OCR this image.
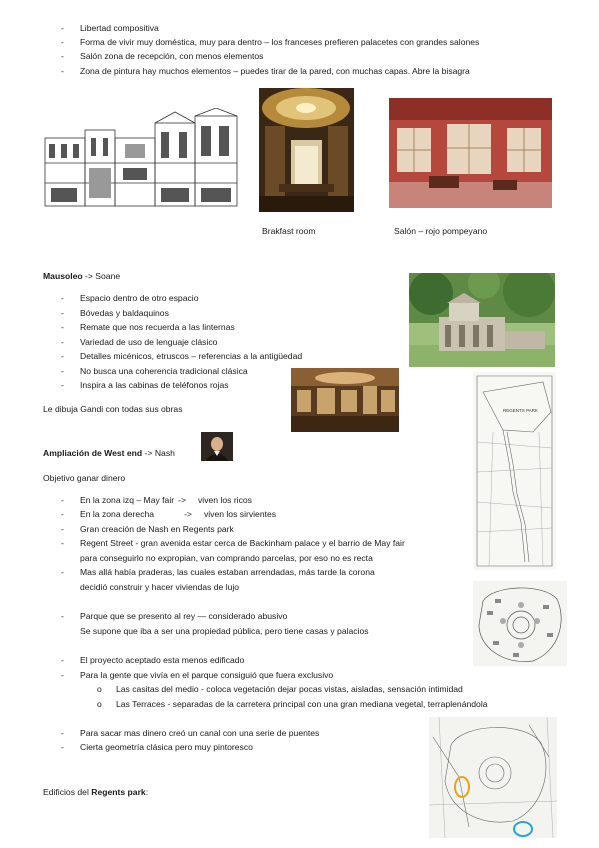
- Libertad compositiva
- Forma de vivir muy doméstica, muy para dentro – los franceses prefieren palacetes con grandes salones
- Salón zona de recepción, con menos elementos
- Zona de pintura hay muchos elementos – puedes tirar de la pared, con muchas capas. Abre la bisagra
Brakfast room	Salón – rojo pompeyano
Mausoleo -> Soane
- Espacio dentro de otro espacio
- Bóvedas y baldaquinos
- Remate que nos recuerda a las linternas
- Variedad de uso de lenguaje clásico
- Detalles micénicos, etruscos – referencias a la antigüedad
- No busca una coherencia tradicional clásica
- Inspira a las cabinas de teléfonos rojas
Le dibuja Gandi con todas sus obras	REGENTS PARK
Ampliación de West end -> Nash
Objetivo ganar dinero
- En la zona izq – May fair -> viven los ricos
- En la zona derecha	-> viven los sirvientes
- Gran creación de Nash en Regents park
- Regent Street - gran avenida estar cerca de Backinham palace y el barrio de May fair
para conseguirlo no expropian, van comprando parcelas, por eso no es recta
- Mas allá había praderas, las cuales estaban arrendadas, más tarde la corona
decidió construir y hacer viviendas de lujo
- Parque que se presento al rey — considerado abusivo
Se supone que iba a ser una propiedad pública, pero tiene casas y palacios
- El proyecto aceptado esta menos edificado
- Para la gente que vivía en el parque consiguió que fuera exclusivo
o Las casitas del medio - coloca vegetación dejar pocas vistas, aisladas, sensación intimidad
o Las Terraces - separadas de la carretera principal con una gran mediana vegetal, terraplenándola
- Para sacar mas dinero creó un canal con una serie de puentes
- Cierta geometría clásica pero muy pintoresco
Edificios del Regents park:
